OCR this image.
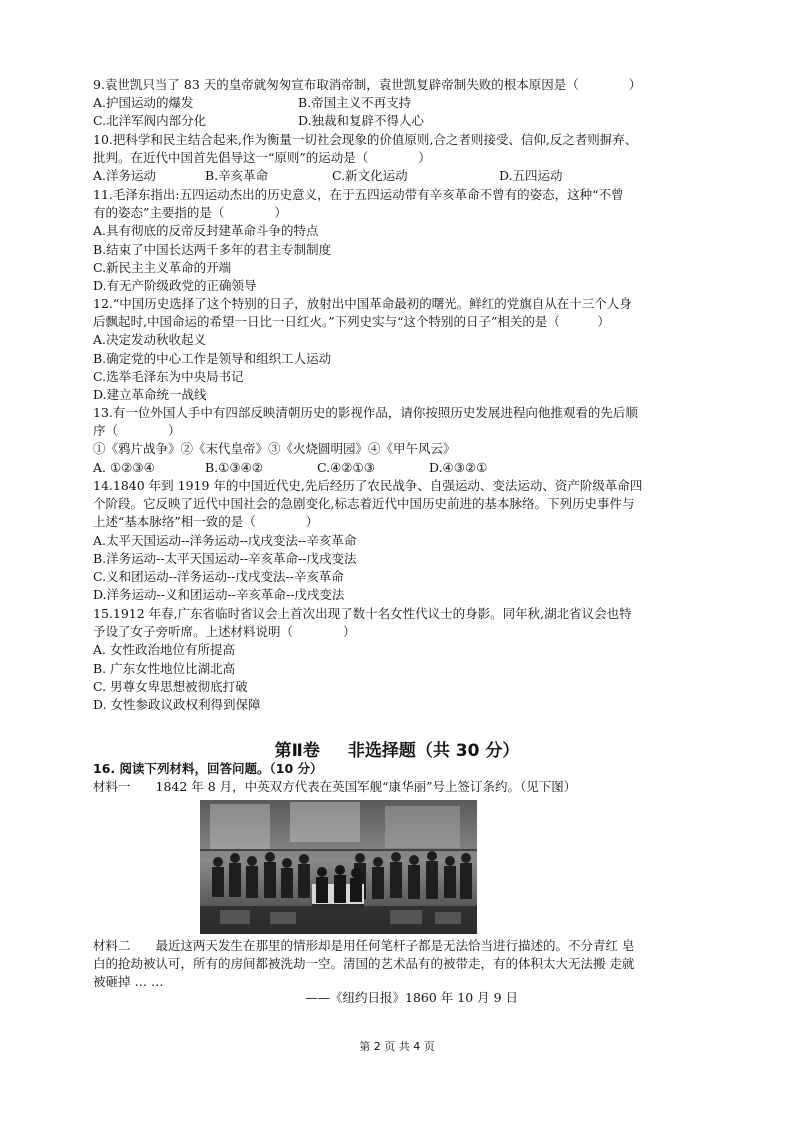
9.袁世凯只当了 83 天的皇帝就匆匆宣布取消帝制，袁世凯复辟帝制失败的根本原因是（　　　　）
A.护国运动的爆发	B.帝国主义不再支持
C.北洋军阀内部分化	D.独裁和复辟不得人心
10.把科学和民主结合起来,作为衡量一切社会现象的价值原则,合之者则接受、信仰,反之者则摒弃、
批判。在近代中国首先倡导这一“原则”的运动是（　　　　）
A.洋务运动	B.辛亥革命	C.新文化运动	D.五四运动
11.毛泽东指出:五四运动杰出的历史意义，在于五四运动带有辛亥革命不曾有的姿态，这种“不曾
有的姿态”主要指的是（　　　　）
A.具有彻底的反帝反封建革命斗争的特点
B.结束了中国长达两千多年的君主专制制度
C.新民主主义革命的开端
D.有无产阶级政党的正确领导
12.“中国历史选择了这个特别的日子，放射出中国革命最初的曙光。鲜红的党旗自从在十三个人身
后飘起时,中国命运的希望一日比一日红火。”下列史实与“这个特别的日子”相关的是（　　　）
A.决定发动秋收起义
B.确定党的中心工作是领导和组织工人运动
C.选举毛泽东为中央局书记
D.建立革命统一战线
13.有一位外国人手中有四部反映清朝历史的影视作品，请你按照历史发展进程向他推观看的先后顺
序（　　　　）
①《鸦片战争》②《末代皇帝》③《火烧圆明园》④《甲午风云》
A. ①②③④	B.①③④②	C.④②①③	D.④③②①
14.1840 年到 1919 年的中国近代史,先后经历了农民战争、自强运动、变法运动、资产阶级革命四
个阶段。它反映了近代中国社会的急剧变化,标志着近代中国历史前进的基本脉络。下列历史事件与
上述“基本脉络”相一致的是（　　　　）
A.太平天国运动--洋务运动--戊戌变法--辛亥革命
B.洋务运动--太平天国运动--辛亥革命--戊戌变法
C.义和团运动--洋务运动--戊戌变法--辛亥革命
D.洋务运动--义和团运动--辛亥革命--戊戌变法
15.1912 年春,广东省临时省议会上首次出现了数十名女性代议士的身影。同年秋,湖北省议会也特
予设了女子旁听席。上述材料说明（　　　　）
A. 女性政治地位有所提高
B. 广东女性地位比湖北高
C. 男尊女卑思想被彻底打破
D. 女性参政议政权利得到保障
第Ⅱ卷 非选择题（共 30 分）
16. 阅读下列材料，回答问题。（10 分）
材料一　　1842 年 8 月，中英双方代表在英国军舰“康华丽”号上签订条约。（见下图）
材料二　　最近这两天发生在那里的情形却是用任何笔杆子都是无法恰当进行描述的。不分青红 皂
白的抢劫被认可，所有的房间都被洗劫一空。清国的艺术品有的被带走，有的体积太大无法搬 走就
被砸掉 … …
——《纽约日报》1860 年 10 月 9 日
第 2 页 共 4 页
